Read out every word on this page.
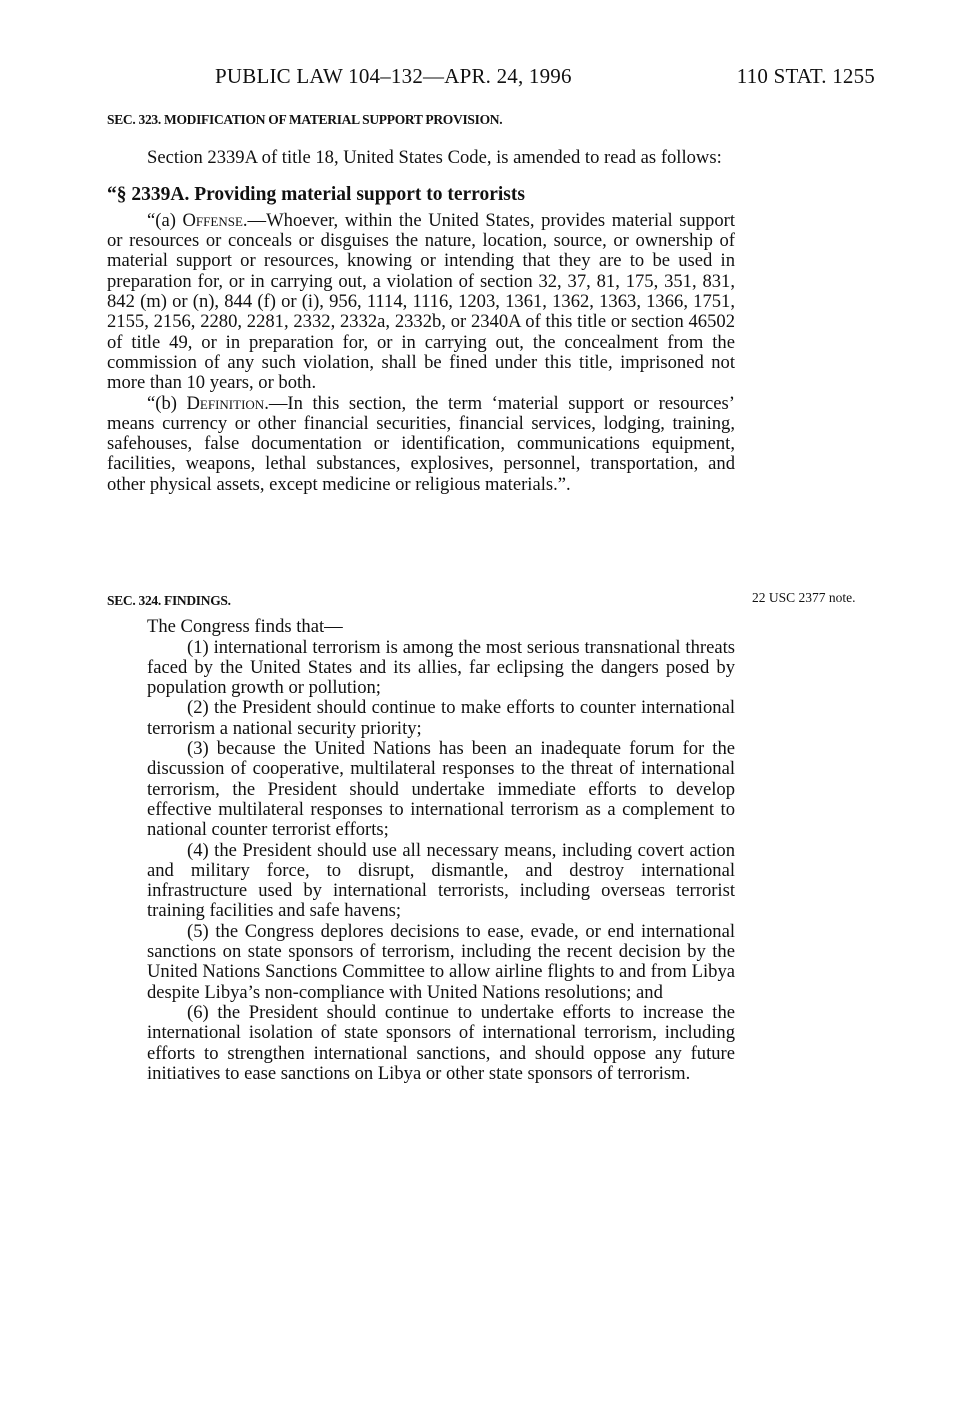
PUBLIC LAW 104–132—APR. 24, 1996	110 STAT. 1255
SEC. 323. MODIFICATION OF MATERIAL SUPPORT PROVISION.

Section 2339A of title 18, United States Code, is amended to read as follows:

“§ 2339A. Providing material support to terrorists

“(a) Offense.—Whoever, within the United States, provides material support or resources or conceals or disguises the nature, location, source, or ownership of material support or resources, knowing or intending that they are to be used in preparation for, or in carrying out, a violation of section 32, 37, 81, 175, 351, 831, 842 (m) or (n), 844 (f) or (i), 956, 1114, 1116, 1203, 1361, 1362, 1363, 1366, 1751, 2155, 2156, 2280, 2281, 2332, 2332a, 2332b, or 2340A of this title or section 46502 of title 49, or in preparation for, or in carrying out, the concealment from the commission of any such violation, shall be fined under this title, imprisoned not more than 10 years, or both.

“(b) Definition.—In this section, the term ‘material support or resources’ means currency or other financial securities, financial services, lodging, training, safehouses, false documentation or identification, communications equipment, facilities, weapons, lethal substances, explosives, personnel, transportation, and other physical assets, except medicine or religious materials.”.

22 USC 2377 note.
SEC. 324. FINDINGS.

The Congress finds that—

(1) international terrorism is among the most serious transnational threats faced by the United States and its allies, far eclipsing the dangers posed by population growth or pollution;

(2) the President should continue to make efforts to counter international terrorism a national security priority;

(3) because the United Nations has been an inadequate forum for the discussion of cooperative, multilateral responses to the threat of international terrorism, the President should undertake immediate efforts to develop effective multilateral responses to international terrorism as a complement to national counter terrorist efforts;

(4) the President should use all necessary means, including covert action and military force, to disrupt, dismantle, and destroy international infrastructure used by international terrorists, including overseas terrorist training facilities and safe havens;

(5) the Congress deplores decisions to ease, evade, or end international sanctions on state sponsors of terrorism, including the recent decision by the United Nations Sanctions Committee to allow airline flights to and from Libya despite Libya’s non-compliance with United Nations resolutions; and

(6) the President should continue to undertake efforts to increase the international isolation of state sponsors of international terrorism, including efforts to strengthen international sanctions, and should oppose any future initiatives to ease sanctions on Libya or other state sponsors of terrorism.
